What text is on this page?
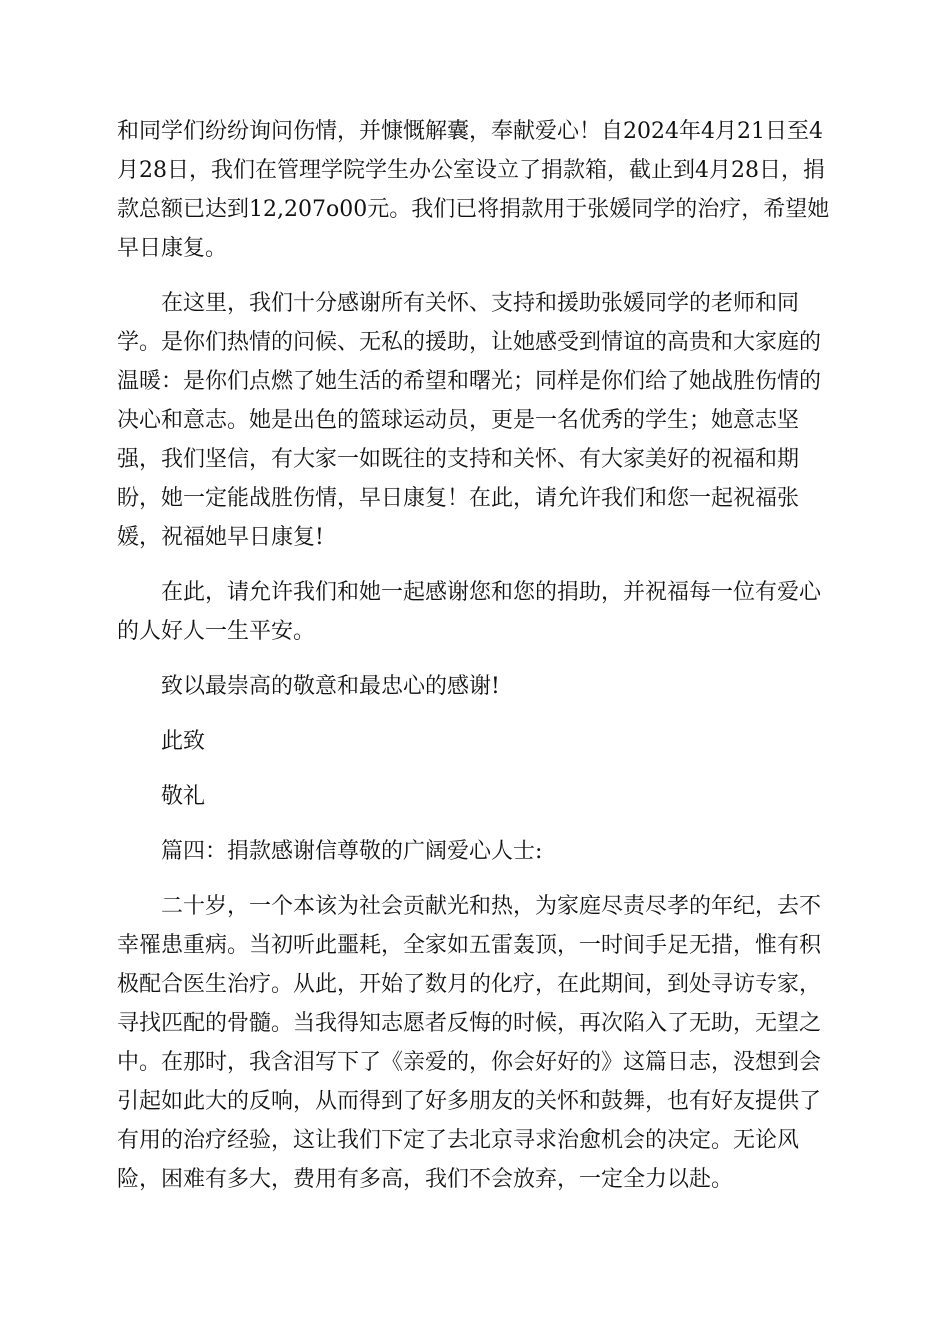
和同学们纷纷询问伤情，并慷慨解囊，奉献爱心！自2024年4月21日至4月28日，我们在管理学院学生办公室设立了捐款箱，截止到4月28日，捐款总额已达到12,207o00元。我们已将捐款用于张媛同学的治疗，希望她早日康复。

在这里，我们十分感谢所有关怀、支持和援助张媛同学的老师和同学。是你们热情的问候、无私的援助，让她感受到情谊的高贵和大家庭的温暖：是你们点燃了她生活的希望和曙光；同样是你们给了她战胜伤情的决心和意志。她是出色的篮球运动员，更是一名优秀的学生；她意志坚强，我们坚信，有大家一如既往的支持和关怀、有大家美好的祝福和期盼，她一定能战胜伤情，早日康复！在此，请允许我们和您一起祝福张媛，祝福她早日康复!

在此，请允许我们和她一起感谢您和您的捐助，并祝福每一位有爱心的人好人一生平安。

致以最崇高的敬意和最忠心的感谢!

此致

敬礼

篇四：捐款感谢信尊敬的广阔爱心人士:

二十岁，一个本该为社会贡献光和热，为家庭尽责尽孝的年纪，去不幸罹患重病。当初听此噩耗，全家如五雷轰顶，一时间手足无措，惟有积极配合医生治疗。从此，开始了数月的化疗，在此期间，到处寻访专家，寻找匹配的骨髓。当我得知志愿者反悔的时候，再次陷入了无助，无望之中。在那时，我含泪写下了《亲爱的，你会好好的》这篇日志，没想到会引起如此大的反响，从而得到了好多朋友的关怀和鼓舞，也有好友提供了有用的治疗经验，这让我们下定了去北京寻求治愈机会的决定。无论风险，困难有多大，费用有多高，我们不会放弃，一定全力以赴。
